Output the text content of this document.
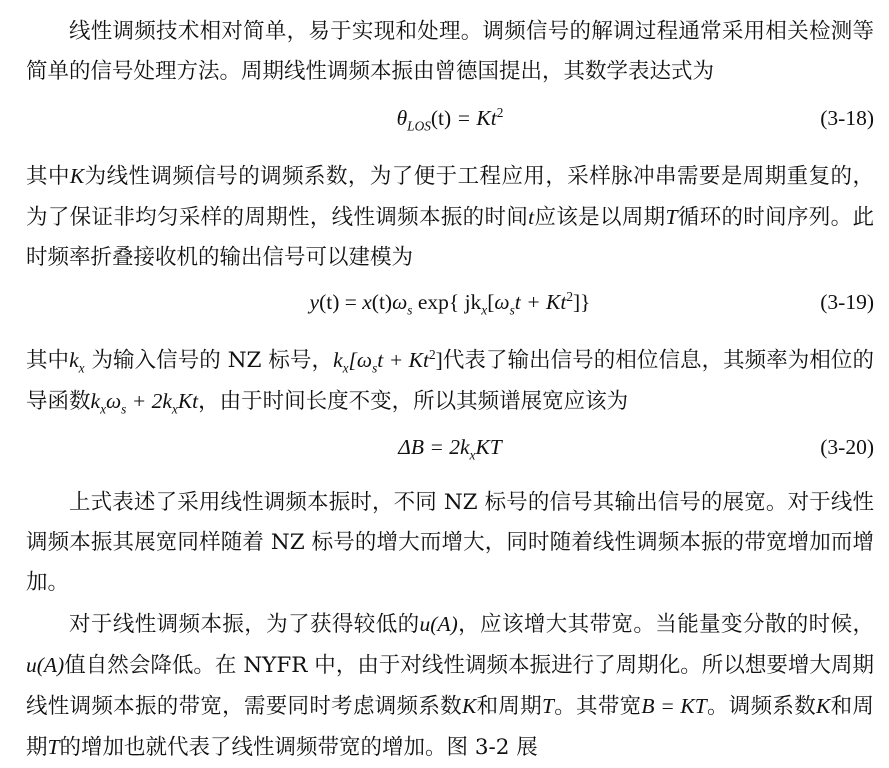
线性调频技术相对简单，易于实现和处理。调频信号的解调过程通常采用相关检测等简单的信号处理方法。周期线性调频本振由曾德国提出，其数学表达式为

$\theta_{LOS}(t) = Kt^2$	(3-18)

其中K为线性调频信号的调频系数，为了便于工程应用，采样脉冲串需要是周期重复的，为了保证非均匀采样的周期性，线性调频本振的时间t应该是以周期T循环的时间序列。此时频率折叠接收机的输出信号可以建模为

$y(t) = x(t)\omega_s$ exp{ $jk_x[\omega_st + Kt^2]$}	(3-19)

其中$k_x$ 为输入信号的 NZ 标号，$k_x[\omega_st + Kt^2]$代表了输出信号的相位信息，其频率为相位的导函数$k_x\omega_s + 2k_xKt$，由于时间长度不变，所以其频谱展宽应该为

$\Delta B = 2k_xKT$	(3-20)

上式表述了采用线性调频本振时，不同 NZ 标号的信号其输出信号的展宽。对于线性调频本振其展宽同样随着 NZ 标号的增大而增大，同时随着线性调频本振的带宽增加而增加。

对于线性调频本振，为了获得较低的u(A)，应该增大其带宽。当能量变分散的时候，u(A)值自然会降低。在 NYFR 中，由于对线性调频本振进行了周期化。所以想要增大周期线性调频本振的带宽，需要同时考虑调频系数K和周期T。其带宽B = KT。调频系数K和周期T的增加也就代表了线性调频带宽的增加。图 3-2 展
